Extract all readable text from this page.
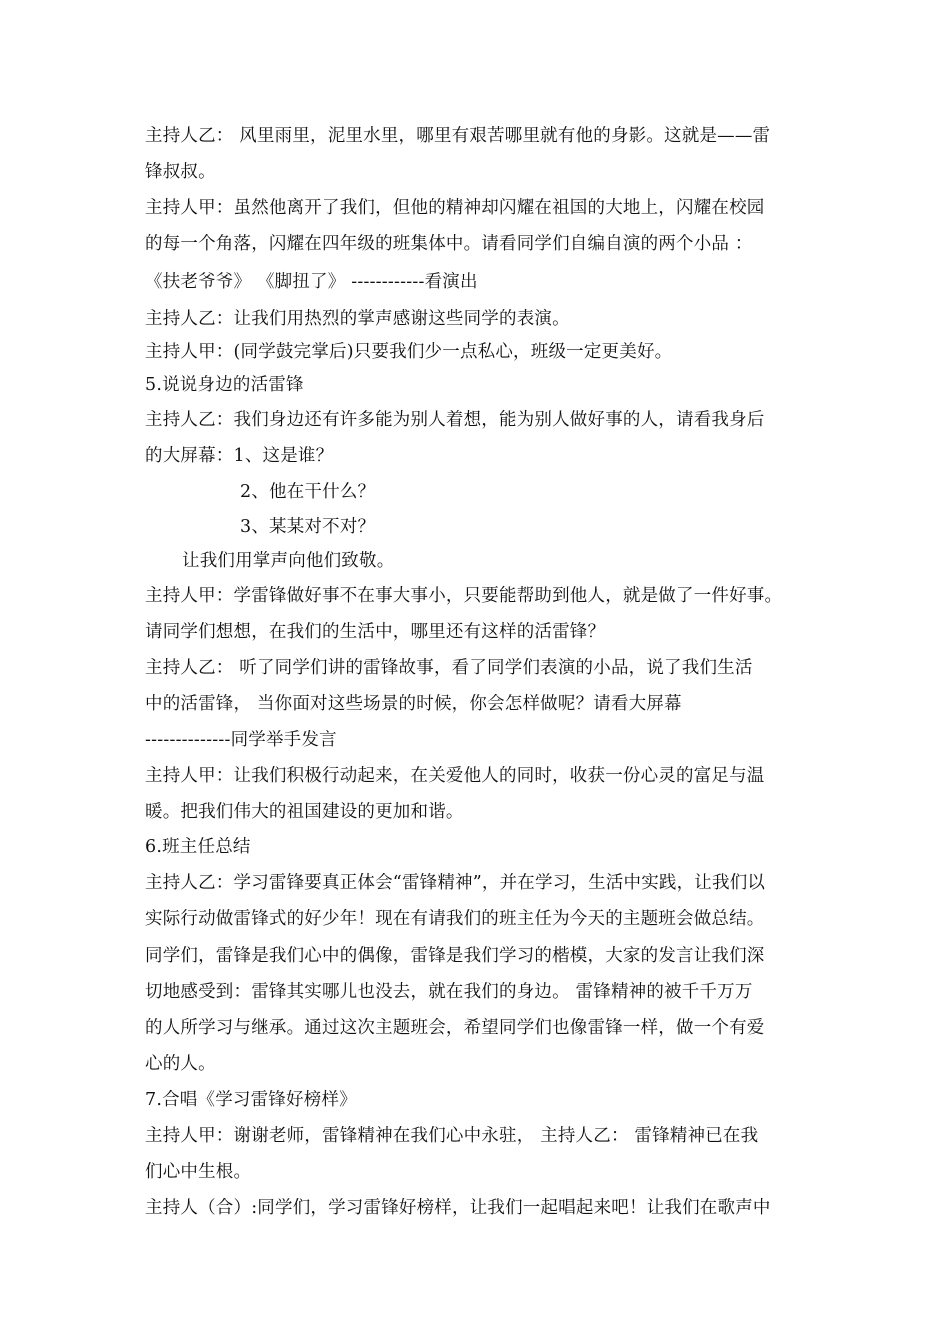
主持人乙： 风里雨里，泥里水里，哪里有艰苦哪里就有他的身影。这就是——雷
锋叔叔。
主持人甲：虽然他离开了我们，但他的精神却闪耀在祖国的大地上，闪耀在校园
的每一个角落，闪耀在四年级的班集体中。请看同学们自编自演的两个小品 ：
《扶老爷爷》 《脚扭了》 ------------看演出
主持人乙：让我们用热烈的掌声感谢这些同学的表演。
主持人甲：(同学鼓完掌后)只要我们少一点私心，班级一定更美好。
5.说说身边的活雷锋
主持人乙：我们身边还有许多能为别人着想，能为别人做好事的人，请看我身后
的大屏幕：1、这是谁？
2、他在干什么？
3、某某对不对？
让我们用掌声向他们致敬。
主持人甲：学雷锋做好事不在事大事小，只要能帮助到他人，就是做了一件好事。
请同学们想想，在我们的生活中，哪里还有这样的活雷锋？
主持人乙： 听了同学们讲的雷锋故事，看了同学们表演的小品，说了我们生活
中的活雷锋， 当你面对这些场景的时候，你会怎样做呢？请看大屏幕
--------------同学举手发言
主持人甲：让我们积极行动起来，在关爱他人的同时，收获一份心灵的富足与温
暖。把我们伟大的祖国建设的更加和谐。
6.班主任总结
主持人乙：学习雷锋要真正体会“雷锋精神”，并在学习，生活中实践，让我们以
实际行动做雷锋式的好少年！现在有请我们的班主任为今天的主题班会做总结。
同学们，雷锋是我们心中的偶像，雷锋是我们学习的楷模，大家的发言让我们深
切地感受到：雷锋其实哪儿也没去，就在我们的身边。 雷锋精神的被千千万万
的人所学习与继承。通过这次主题班会，希望同学们也像雷锋一样，做一个有爱
心的人。
7.合唱《学习雷锋好榜样》
主持人甲：谢谢老师，雷锋精神在我们心中永驻， 主持人乙： 雷锋精神已在我
们心中生根。
主持人（合）:同学们，学习雷锋好榜样，让我们一起唱起来吧！让我们在歌声中
